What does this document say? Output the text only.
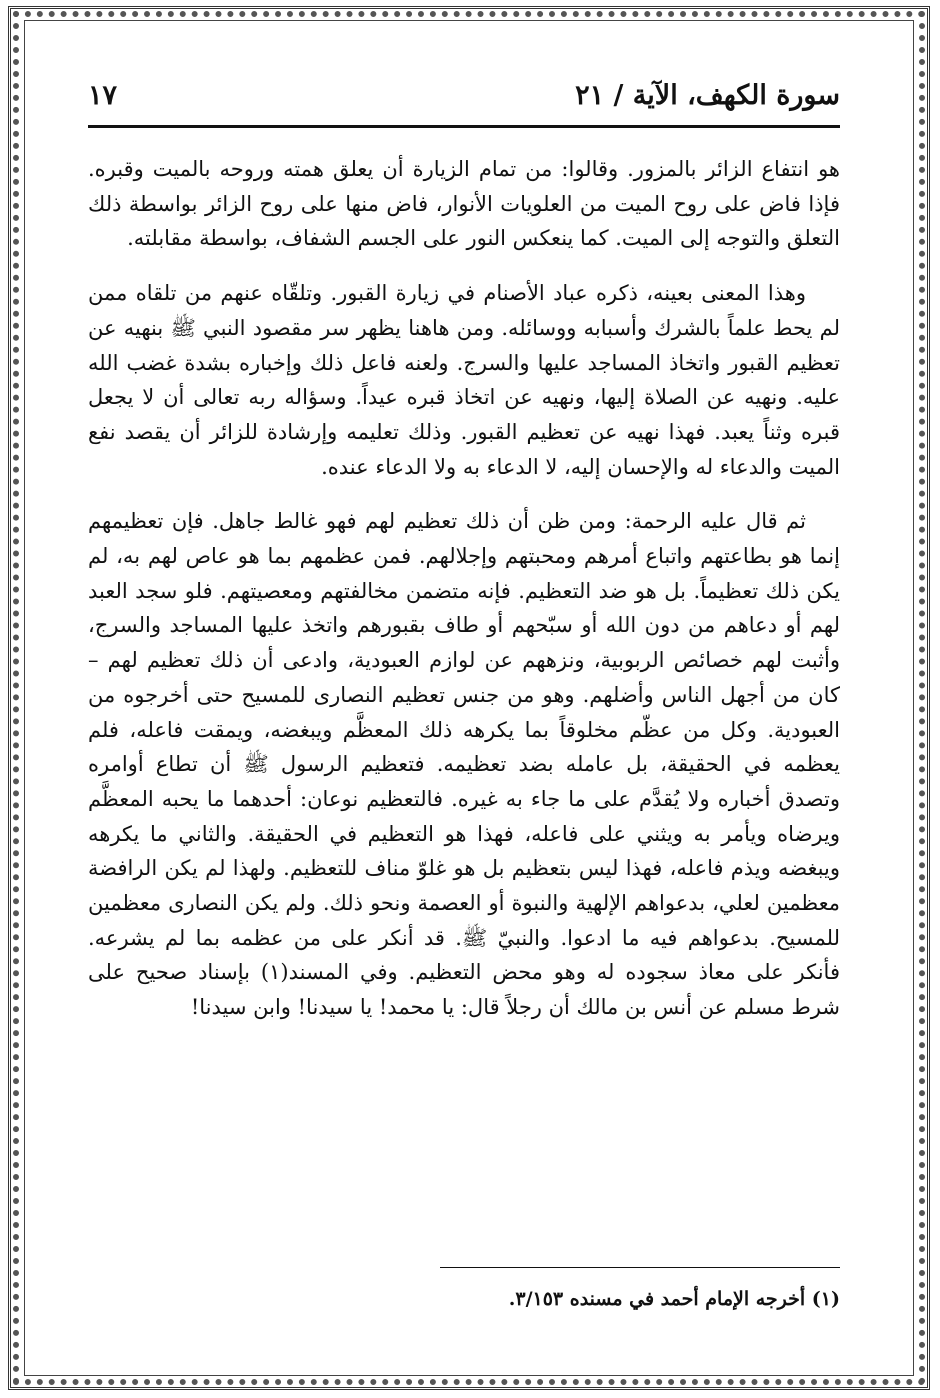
سورة الكهف، الآية / ٢١
١٧

هو انتفاع الزائر بالمزور. وقالوا: من تمام الزيارة أن يعلق همته وروحه بالميت وقبره. فإذا فاض على روح الميت من العلويات الأنوار، فاض منها على روح الزائر بواسطة ذلك التعلق والتوجه إلى الميت. كما ينعكس النور على الجسم الشفاف، بواسطة مقابلته.

وهذا المعنى بعينه، ذكره عباد الأصنام في زيارة القبور. وتلقّاه عنهم من تلقاه ممن لم يحط علماً بالشرك وأسبابه ووسائله. ومن هاهنا يظهر سر مقصود النبي ﷺ بنهيه عن تعظيم القبور واتخاذ المساجد عليها والسرج. ولعنه فاعل ذلك وإخباره بشدة غضب الله عليه. ونهيه عن الصلاة إليها، ونهيه عن اتخاذ قبره عيداً. وسؤاله ربه تعالى أن لا يجعل قبره وثناً يعبد. فهذا نهيه عن تعظيم القبور. وذلك تعليمه وإرشادة للزائر أن يقصد نفع الميت والدعاء له والإحسان إليه، لا الدعاء به ولا الدعاء عنده.

ثم قال عليه الرحمة: ومن ظن أن ذلك تعظيم لهم فهو غالط جاهل. فإن تعظيمهم إنما هو بطاعتهم واتباع أمرهم ومحبتهم وإجلالهم. فمن عظمهم بما هو عاص لهم به، لم يكن ذلك تعظيماً. بل هو ضد التعظيم. فإنه متضمن مخالفتهم ومعصيتهم. فلو سجد العبد لهم أو دعاهم من دون الله أو سبّحهم أو طاف بقبورهم واتخذ عليها المساجد والسرج، وأثبت لهم خصائص الربوبية، ونزههم عن لوازم العبودية، وادعى أن ذلك تعظيم لهم – كان من أجهل الناس وأضلهم. وهو من جنس تعظيم النصارى للمسيح حتى أخرجوه من العبودية. وكل من عظّم مخلوقاً بما يكرهه ذلك المعظَّم ويبغضه، ويمقت فاعله، فلم يعظمه في الحقيقة، بل عامله بضد تعظيمه. فتعظيم الرسول ﷺ أن تطاع أوامره وتصدق أخباره ولا يُقدَّم على ما جاء به غيره. فالتعظيم نوعان: أحدهما ما يحبه المعظَّم ويرضاه ويأمر به ويثني على فاعله، فهذا هو التعظيم في الحقيقة. والثاني ما يكرهه ويبغضه ويذم فاعله، فهذا ليس بتعظيم بل هو غلوّ مناف للتعظيم. ولهذا لم يكن الرافضة معظمين لعلي، بدعواهم الإلهية والنبوة أو العصمة ونحو ذلك. ولم يكن النصارى معظمين للمسيح. بدعواهم فيه ما ادعوا. والنبيّ ﷺ. قد أنكر على من عظمه بما لم يشرعه. فأنكر على معاذ سجوده له وهو محض التعظيم. وفي المسند(١) بإسناد صحيح على شرط مسلم عن أنس بن مالك أن رجلاً قال: يا محمد! يا سيدنا! وابن سيدنا!

(١) أخرجه الإمام أحمد في مسنده ٣/١٥٣.
